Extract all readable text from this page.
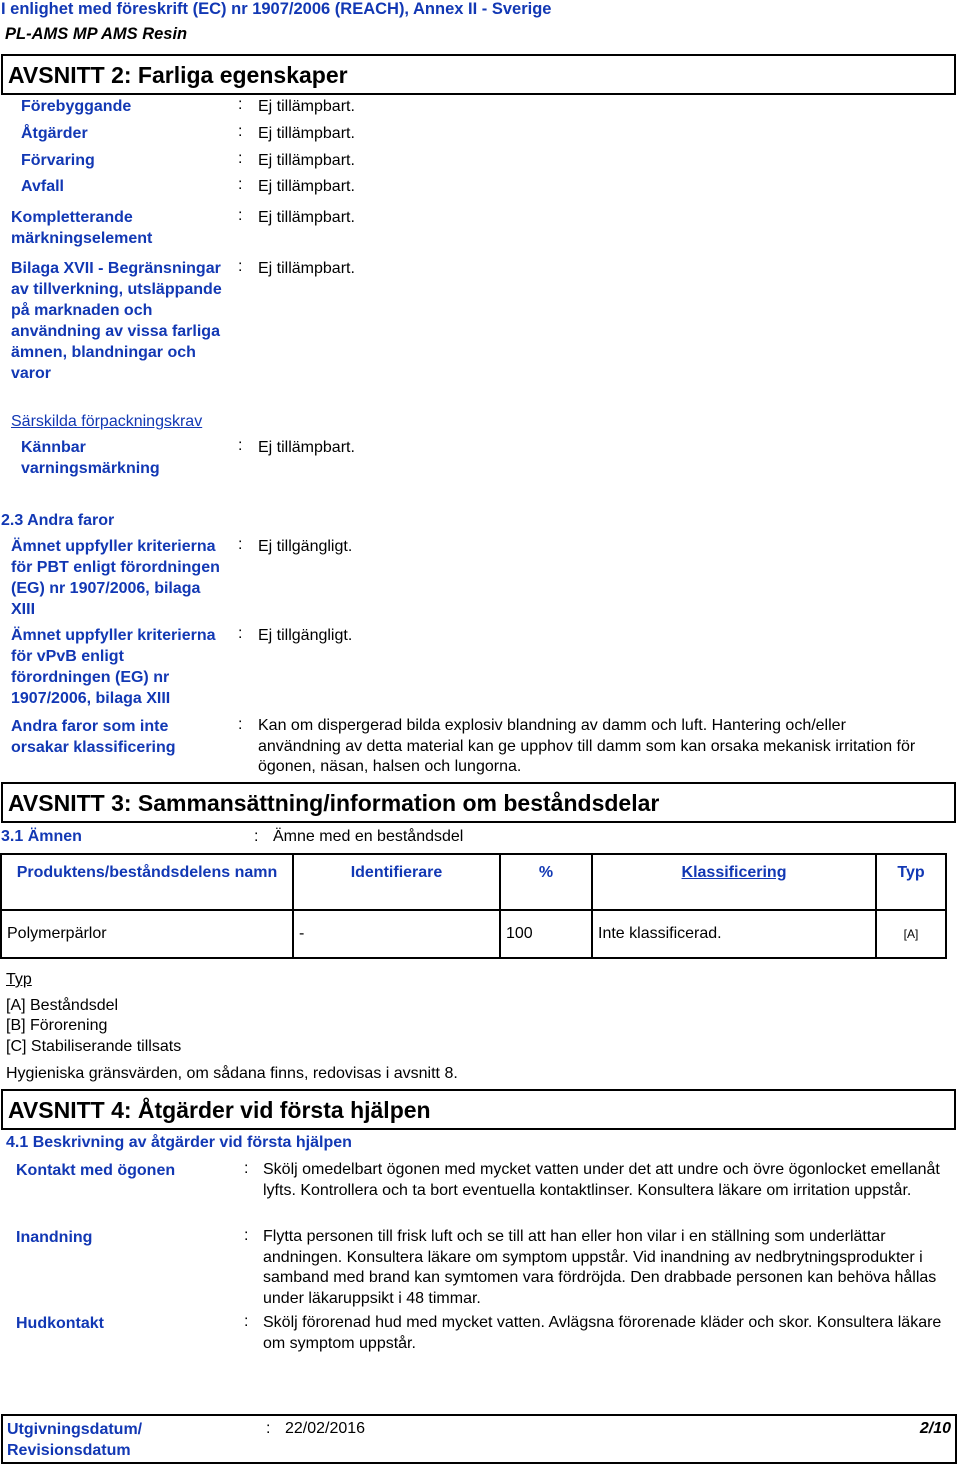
I enlighet med föreskrift (EC) nr 1907/2006 (REACH), Annex II - Sverige
PL-AMS MP AMS Resin
AVSNITT 2: Farliga egenskaper
Förebyggande	: Ej tillämpbart.
Åtgärder	: Ej tillämpbart.
Förvaring	: Ej tillämpbart.
Avfall	: Ej tillämpbart.
Kompletterande märkningselement
: Ej tillämpbart.
Bilaga XVII - Begränsningar av tillverkning, utsläppande på marknaden och användning av vissa farliga ämnen, blandningar och varor
: Ej tillämpbart.
Särskilda förpackningskrav
Kännbar varningsmärkning
: Ej tillämpbart.
2.3 Andra faror
Ämnet uppfyller kriterierna för PBT enligt förordningen (EG) nr 1907/2006, bilaga XIII
: Ej tillgängligt.
Ämnet uppfyller kriterierna för vPvB enligt förordningen (EG) nr 1907/2006, bilaga XIII
: Ej tillgängligt.
Andra faror som inte orsakar klassificering
: Kan om dispergerad bilda explosiv blandning av damm och luft. Hantering och/eller användning av detta material kan ge upphov till damm som kan orsaka mekanisk irritation för ögonen, näsan, halsen och lungorna.
AVSNITT 3: Sammansättning/information om beståndsdelar
3.1 Ämnen	: Ämne med en beståndsdel
Produktens/beståndsdelens namn	Identifierare	%	Klassificering	Typ
Polymerpärlor	-	100	Inte klassificerad.	[A]
Typ
[A] Beståndsdel
[B] Förorening
[C] Stabiliserande tillsats
Hygieniska gränsvärden, om sådana finns, redovisas i avsnitt 8.
AVSNITT 4: Åtgärder vid första hjälpen
4.1 Beskrivning av åtgärder vid första hjälpen
Kontakt med ögonen	: Skölj omedelbart ögonen med mycket vatten under det att undre och övre ögonlocket emellanåt lyfts. Kontrollera och ta bort eventuella kontaktlinser. Konsultera läkare om irritation uppstår.
Inandning	: Flytta personen till frisk luft och se till att han eller hon vilar i en ställning som underlättar andningen. Konsultera läkare om symptom uppstår. Vid inandning av nedbrytningsprodukter i samband med brand kan symtomen vara fördröjda. Den drabbade personen kan behöva hållas under läkaruppsikt i 48 timmar.
Hudkontakt	: Skölj förorenad hud med mycket vatten. Avlägsna förorenade kläder och skor. Konsultera läkare om symptom uppstår.
Utgivningsdatum/ Revisionsdatum
: 22/02/2016	2/10
